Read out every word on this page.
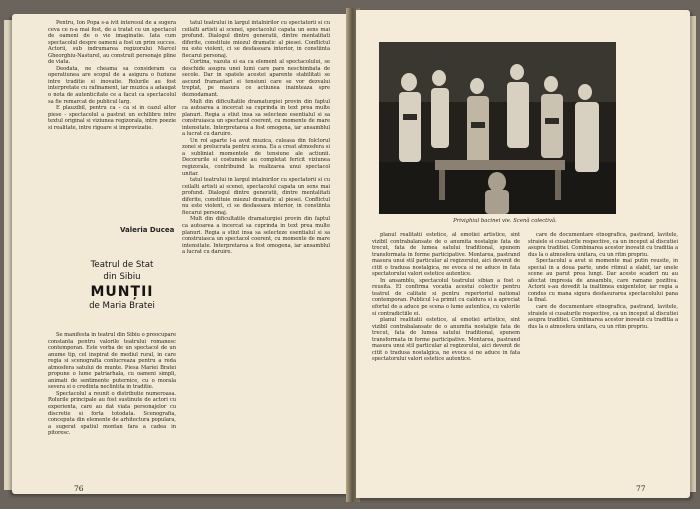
Pentru, Ion Popa s-a ivit interesul de a sugera ceva ce n-a mai fost, de a tratat cu un spectacol de oameni de o vie imaginatie. Iata cum spectacolul despre oameni a fost un prim succes. Actorii, sub indrumarea regizorului Marcel Gheorghiu-Nasturel, au construit personaje pline de viata.

Deodata, ne cheama sa consideram ca operatiunea are scopul de a asigura o fuziune intre traditie si inovatie. Rolurile au fost interpretate cu rafinament, iar muzica a adaugat o nota de autenticitate ce a facut ca spectacolul sa fie remarcat de publicul larg.

E plauzibil, pentru ca - ca si in cazul altor piese - spectacolul a pastrat un echilibru intre textul original si viziunea regizorala, intre poezie si realitate, intre rigoare si improvizatie.

Valeria Ducea
Teatrul de Stat
din Sibiu
MUNȚII
de Maria Bratei

Se manifesta in teatrul din Sibiu o preocupare constanta pentru valorile teatrului romanesc contemporan. Este vorba de un spectacol de un anume tip, cel inspirat de mediul rural, in care regia si scenografia conlucreaza pentru a reda atmosfera satului de munte. Piesa Mariei Bratei propune o lume patriarhala, cu oameni simpli, animati de sentimente puternice, cu o morala severa si o credinta neclintita in traditie.

Spectacolul a reunit o distributie numeroasa. Rolurile principale au fost sustinute de actori cu experienta, care au dat viata personajelor cu discretie si forta totodata. Scenografia, conceputa din elemente de arhitectura populara, a sugerat spatiul montan fara a cadea in pitoresc.

tatul teatrului in largul intalnirilor cu spectatorii si cu ceilalti artisti ai scenei, spectacolul capata un sens mai profund. Dialogul dintre generatii, dintre mentalitati diferite, constituie miezul dramatic al piesei. Conflictul nu este violent, ci se desfasoara interior, in constiinta fiecarui personaj.

Cortina, vazuta si ea ca element al spectacolului, se deschide asupra unei lumi care pare neschimbata de secole. Dar in spatele acestei aparente stabilitati se ascund framantari si tensiuni care se vor dezvalui treptat, pe masura ce actiunea inainteaza spre deznodamant.

Mult din dificultatile dramaturgiei provin din faptul ca autoarea a incercat sa cuprinda in text prea multe planuri. Regia a stiut insa sa selecteze esentialul si sa construiasca un spectacol coerent, cu momente de mare intensitate. Interpretarea a fost omogena, iar ansamblul a lucrat cu daruire.

Un rol aparte l-a avut muzica, culeasa din folclorul zonei si prelucrata pentru scena. Ea a creat atmosfera si a subliniat momentele de tensiune ale actiunii. Decorurile si costumele au completat fericit viziunea regizorala, contribuind la realizarea unui spectacol unitar.

tatul teatrului in largul intalnirilor cu spectatorii si cu ceilalti artisti ai scenei, spectacolul capata un sens mai profund. Dialogul dintre generatii, dintre mentalitati diferite, constituie miezul dramatic al piesei. Conflictul nu este violent, ci se desfasoara interior, in constiinta fiecarui personaj.

Mult din dificultatile dramaturgiei provin din faptul ca autoarea a incercat sa cuprinda in text prea multe planuri. Regia a stiut insa sa selecteze esentialul si sa construiasca un spectacol coerent, cu momente de mare intensitate. Interpretarea a fost omogena, iar ansamblul a lucrat cu daruire.

76	77
Privighiul bacinei vie. Scenă colectivă.

planul realitatii estetice, al emotiei artistice, sint vizibil contrabalansate de o anumita nostalgie fata de trecut, fata de lumea satului traditional, spunem transformata in forme participative. Montarea, pastrand masura unui stil particular al regizorului, aici devenit de citit o tradusa nostalgica, ne evoca si ne aduce in fata spectatorului valori estetice autentice.

In ansamblu, spectacolul teatrului sibian a fost o reusita. El confirma vocatia acestui colectiv pentru teatrul de calitate si pentru repertoriul national contemporan. Publicul l-a primit cu caldura si a apreciat efortul de a aduce pe scena o lume autentica, cu valorile si contradictiile ei.

planul realitatii estetice, al emotiei artistice, sint vizibil contrabalansate de o anumita nostalgie fata de trecut, fata de lumea satului traditional, spunem transformata in forme participative. Montarea, pastrand masura unui stil particular al regizorului, aici devenit de citit o tradusa nostalgica, ne evoca si ne aduce in fata spectatorului valori estetice autentice.

care de documentare etnografica, pastrand, lavitele, straiele si cusaturile respective, ca un inceput al discutiei asupra traditiei. Combinarea acestor inovatii cu traditia a dus la o atmosfera unitara, cu un ritm propriu.

Spectacolul a avut si momente mai putin reusite, in special in a doua parte, unde ritmul a slabit, iar unele scene au parut prea lungi. Dar aceste scaderi nu au afectat impresia de ansamblu, care ramane pozitiva. Actorii s-au dovedit la inaltimea exigentelor, iar regia a condus cu mana sigura desfasurarea spectacolului pana la final.

care de documentare etnografica, pastrand, lavitele, straiele si cusaturile respective, ca un inceput al discutiei asupra traditiei. Combinarea acestor inovatii cu traditia a dus la o atmosfera unitara, cu un ritm propriu.
